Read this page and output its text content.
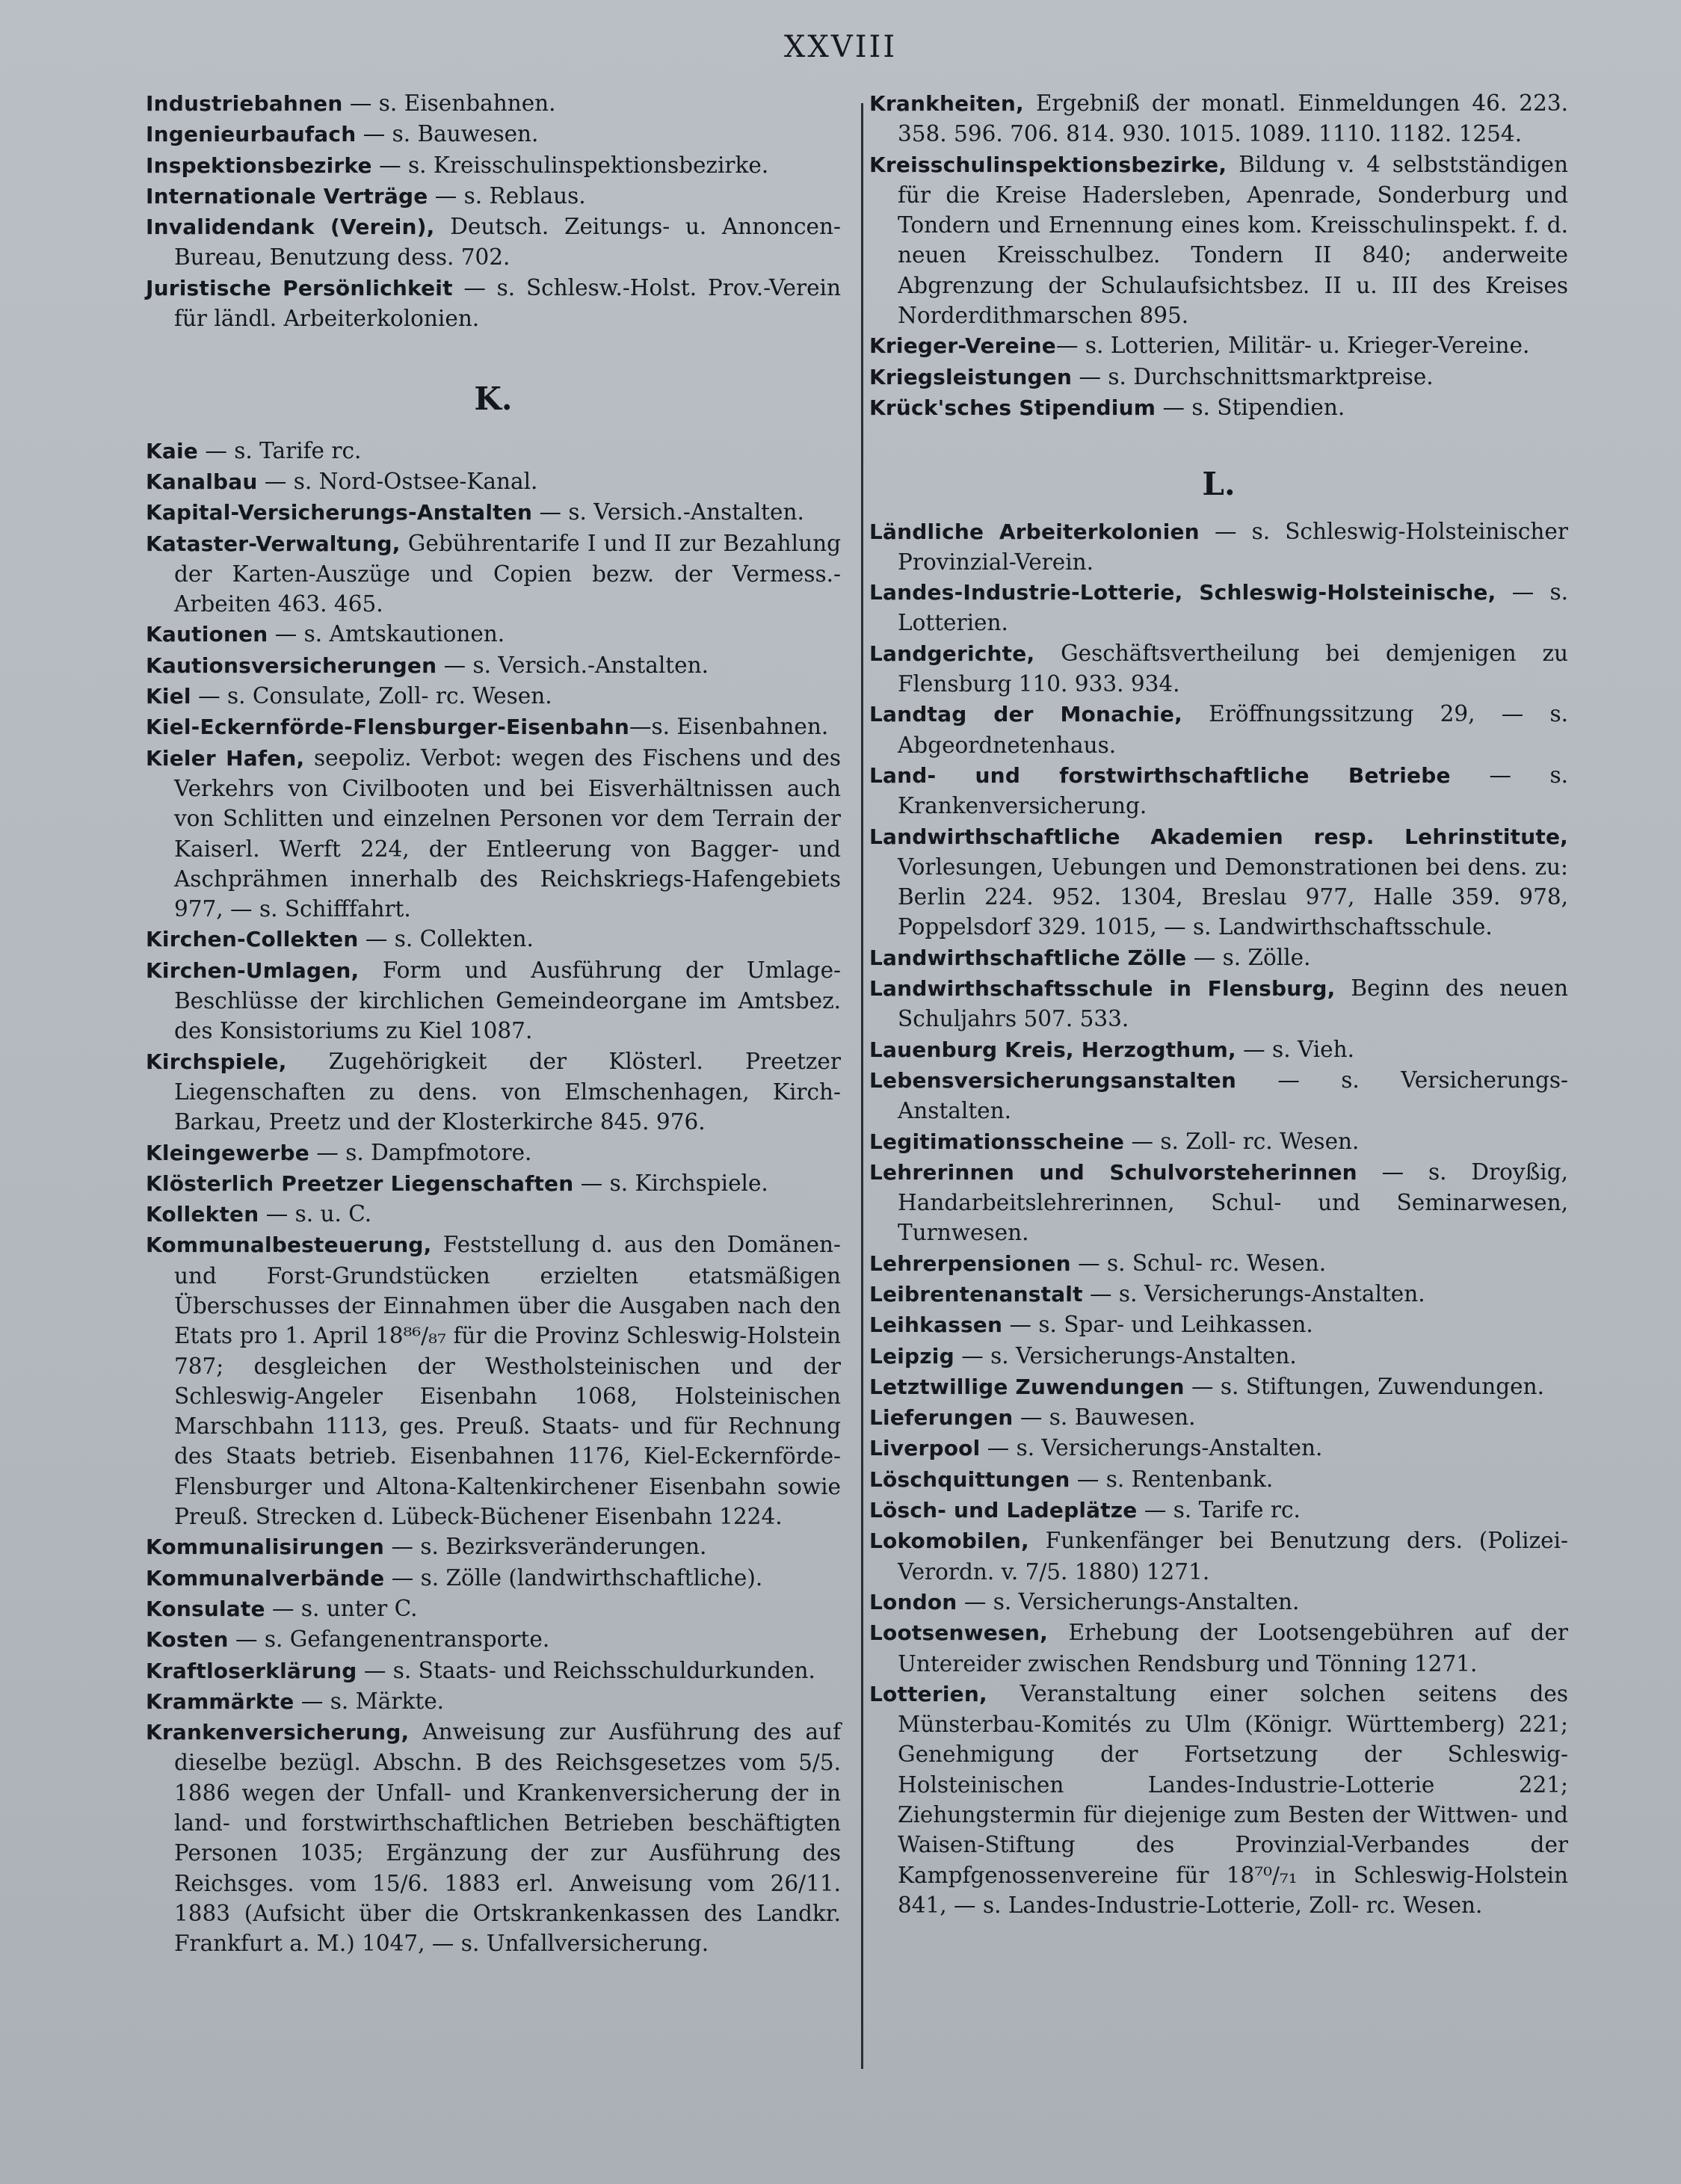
XXVIII

Industriebahnen — s. Eisenbahnen.

Ingenieurbaufach — s. Bauwesen.

Inspektionsbezirke — s. Kreisschulinspektionsbezirke.

Internationale Verträge — s. Reblaus.

Invalidendank (Verein), Deutsch. Zeitungs- u. Annoncen-Bureau, Benutzung dess. 702.

Juristische Persönlichkeit — s. Schlesw.-Holst. Prov.-Verein für ländl. Arbeiterkolonien.

K.

Kaie — s. Tarife rc.

Kanalbau — s. Nord-Ostsee-Kanal.

Kapital-Versicherungs-Anstalten — s. Versich.-Anstalten.

Kataster-Verwaltung, Gebührentarife I und II zur Bezahlung der Karten-Auszüge und Copien bezw. der Vermess.-Arbeiten 463. 465.

Kautionen — s. Amtskautionen.

Kautionsversicherungen — s. Versich.-Anstalten.

Kiel — s. Consulate, Zoll- rc. Wesen.

Kiel-Eckernförde-Flensburger-Eisenbahn—s. Eisenbahnen.

Kieler Hafen, seepoliz. Verbot: wegen des Fischens und des Verkehrs von Civilbooten und bei Eisverhältnissen auch von Schlitten und einzelnen Personen vor dem Terrain der Kaiserl. Werft 224, der Entleerung von Bagger- und Aschprähmen innerhalb des Reichskriegs-Hafengebiets 977, — s. Schifffahrt.

Kirchen-Collekten — s. Collekten.

Kirchen-Umlagen, Form und Ausführung der Umlage-Beschlüsse der kirchlichen Gemeindeorgane im Amtsbez. des Konsistoriums zu Kiel 1087.

Kirchspiele, Zugehörigkeit der Klösterl. Preetzer Liegenschaften zu dens. von Elmschenhagen, Kirch-Barkau, Preetz und der Klosterkirche 845. 976.

Kleingewerbe — s. Dampfmotore.

Klösterlich Preetzer Liegenschaften — s. Kirchspiele.

Kollekten — s. u. C.

Kommunalbesteuerung, Feststellung d. aus den Domänen- und Forst-Grundstücken erzielten etatsmäßigen Überschusses der Einnahmen über die Ausgaben nach den Etats pro 1. April 18⁸⁶/₈₇ für die Provinz Schleswig-Holstein 787; desgleichen der Westholsteinischen und der Schleswig-Angeler Eisenbahn 1068, Holsteinischen Marschbahn 1113, ges. Preuß. Staats- und für Rechnung des Staats betrieb. Eisenbahnen 1176, Kiel-Eckernförde-Flensburger und Altona-Kaltenkirchener Eisenbahn sowie Preuß. Strecken d. Lübeck-Büchener Eisenbahn 1224.

Kommunalisirungen — s. Bezirksveränderungen.

Kommunalverbände — s. Zölle (landwirthschaftliche).

Konsulate — s. unter C.

Kosten — s. Gefangenentransporte.

Kraftloserklärung — s. Staats- und Reichsschuldurkunden.

Krammärkte — s. Märkte.

Krankenversicherung, Anweisung zur Ausführung des auf dieselbe bezügl. Abschn. B des Reichsgesetzes vom 5/5. 1886 wegen der Unfall- und Krankenversicherung der in land- und forstwirthschaftlichen Betrieben beschäftigten Personen 1035; Ergänzung der zur Ausführung des Reichsges. vom 15/6. 1883 erl. Anweisung vom 26/11. 1883 (Aufsicht über die Ortskrankenkassen des Landkr. Frankfurt a. M.) 1047, — s. Unfallversicherung.

Krankheiten, Ergebniß der monatl. Einmeldungen 46. 223. 358. 596. 706. 814. 930. 1015. 1089. 1110. 1182. 1254.

Kreisschulinspektionsbezirke, Bildung v. 4 selbstständigen für die Kreise Hadersleben, Apenrade, Sonderburg und Tondern und Ernennung eines kom. Kreisschulinspekt. f. d. neuen Kreisschulbez. Tondern II 840; anderweite Abgrenzung der Schulaufsichtsbez. II u. III des Kreises Norderdithmarschen 895.

Krieger-Vereine— s. Lotterien, Militär- u. Krieger-Vereine.

Kriegsleistungen — s. Durchschnittsmarktpreise.

Krück'sches Stipendium — s. Stipendien.

L.

Ländliche Arbeiterkolonien — s. Schleswig-Holsteinischer Provinzial-Verein.

Landes-Industrie-Lotterie, Schleswig-Holsteinische, — s. Lotterien.

Landgerichte, Geschäftsvertheilung bei demjenigen zu Flensburg 110. 933. 934.

Landtag der Monachie, Eröffnungssitzung 29, — s. Abgeordnetenhaus.

Land- und forstwirthschaftliche Betriebe — s. Krankenversicherung.

Landwirthschaftliche Akademien resp. Lehrinstitute, Vorlesungen, Uebungen und Demonstrationen bei dens. zu: Berlin 224. 952. 1304, Breslau 977, Halle 359. 978, Poppelsdorf 329. 1015, — s. Landwirthschaftsschule.

Landwirthschaftliche Zölle — s. Zölle.

Landwirthschaftsschule in Flensburg, Beginn des neuen Schuljahrs 507. 533.

Lauenburg Kreis, Herzogthum, — s. Vieh.

Lebensversicherungsanstalten — s. Versicherungs-Anstalten.

Legitimationsscheine — s. Zoll- rc. Wesen.

Lehrerinnen und Schulvorsteherinnen — s. Droyßig, Handarbeitslehrerinnen, Schul- und Seminarwesen, Turnwesen.

Lehrerpensionen — s. Schul- rc. Wesen.

Leibrentenanstalt — s. Versicherungs-Anstalten.

Leihkassen — s. Spar- und Leihkassen.

Leipzig — s. Versicherungs-Anstalten.

Letztwillige Zuwendungen — s. Stiftungen, Zuwendungen.

Lieferungen — s. Bauwesen.

Liverpool — s. Versicherungs-Anstalten.

Löschquittungen — s. Rentenbank.

Lösch- und Ladeplätze — s. Tarife rc.

Lokomobilen, Funkenfänger bei Benutzung ders. (Polizei-Verordn. v. 7/5. 1880) 1271.

London — s. Versicherungs-Anstalten.

Lootsenwesen, Erhebung der Lootsengebühren auf der Untereider zwischen Rendsburg und Tönning 1271.

Lotterien, Veranstaltung einer solchen seitens des Münsterbau-Komités zu Ulm (Königr. Württemberg) 221; Genehmigung der Fortsetzung der Schleswig-Holsteinischen Landes-Industrie-Lotterie 221; Ziehungstermin für diejenige zum Besten der Wittwen- und Waisen-Stiftung des Provinzial-Verbandes der Kampfgenossenvereine für 18⁷⁰/₇₁ in Schleswig-Holstein 841, — s. Landes-Industrie-Lotterie, Zoll- rc. Wesen.
